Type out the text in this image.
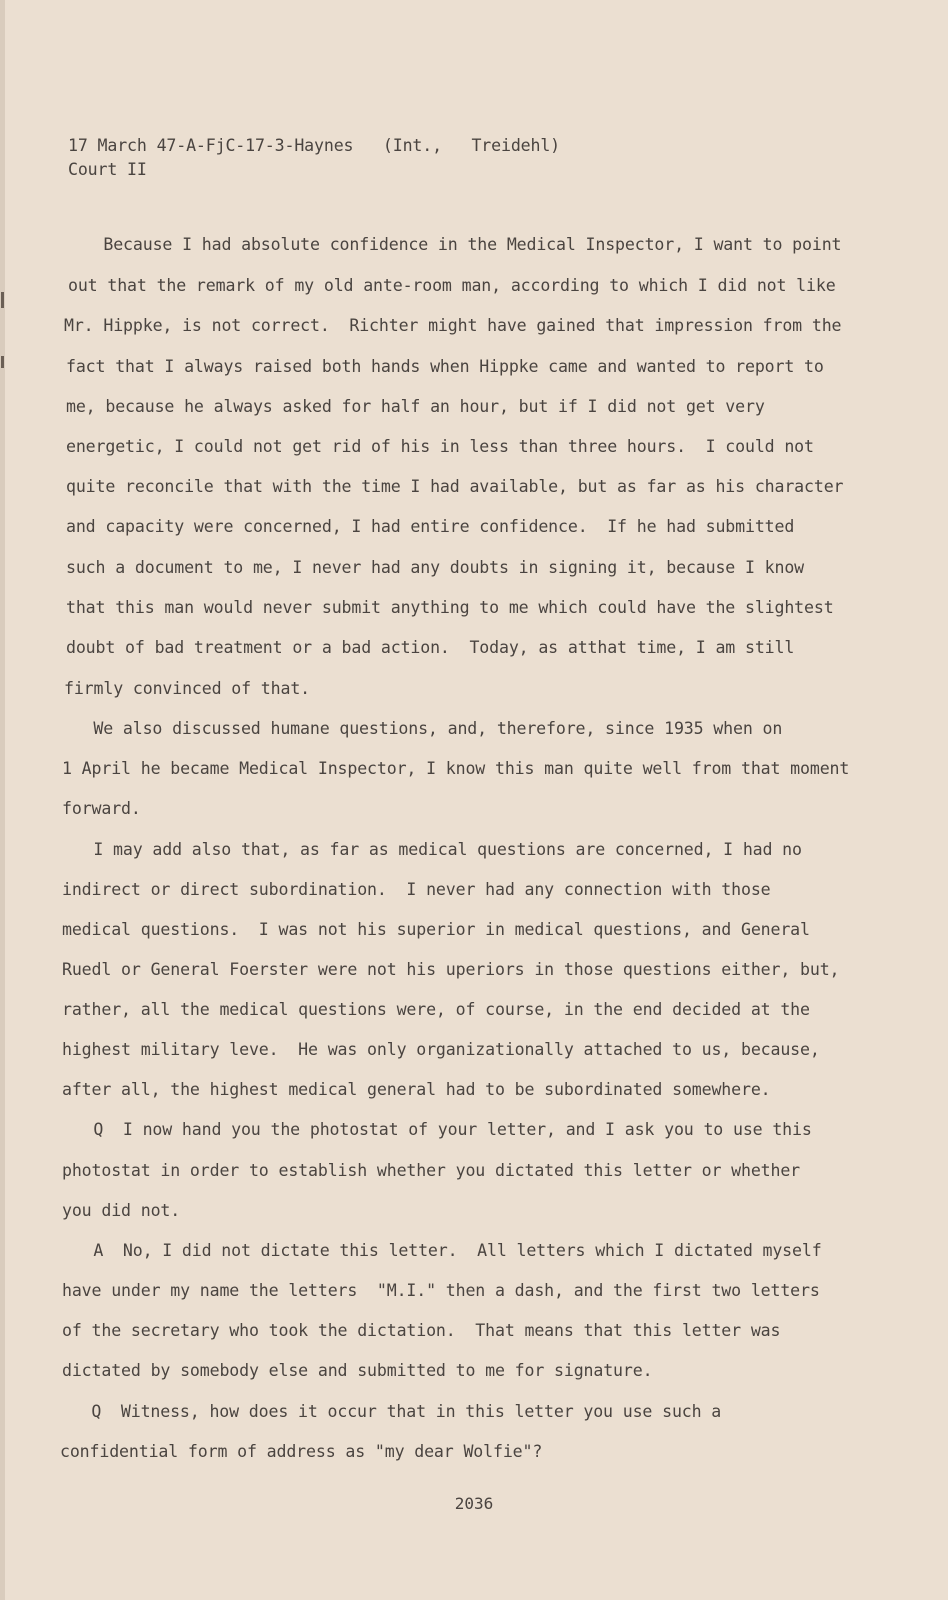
17 March 47-A-FjC-17-3-Haynes   (Int.,   Treidehl)

Court II

Because I had absolute confidence in the Medical Inspector, I want to point

out that the remark of my old ante-room man, according to which I did not like

Mr. Hippke, is not correct.  Richter might have gained that impression from the

fact that I always raised both hands when Hippke came and wanted to report to

me, because he always asked for half an hour, but if I did not get very

energetic, I could not get rid of his in less than three hours.  I could not

quite reconcile that with the time I had available, but as far as his character

and capacity were concerned, I had entire confidence.  If he had submitted

such a document to me, I never had any doubts in signing it, because I know

that this man would never submit anything to me which could have the slightest

doubt of bad treatment or a bad action.  Today, as atthat time, I am still

firmly convinced of that.

We also discussed humane questions, and, therefore, since 1935 when on

1 April he became Medical Inspector, I know this man quite well from that moment

forward.

I may add also that, as far as medical questions are concerned, I had no

indirect or direct subordination.  I never had any connection with those

medical questions.  I was not his superior in medical questions, and General

Ruedl or General Foerster were not his uperiors in those questions either, but,

rather, all the medical questions were, of course, in the end decided at the

highest military leve.  He was only organizationally attached to us, because,

after all, the highest medical general had to be subordinated somewhere.

Q  I now hand you the photostat of your letter, and I ask you to use this

photostat in order to establish whether you dictated this letter or whether

you did not.

A  No, I did not dictate this letter.  All letters which I dictated myself

have under my name the letters  "M.I." then a dash, and the first two letters

of the secretary who took the dictation.  That means that this letter was

dictated by somebody else and submitted to me for signature.

Q  Witness, how does it occur that in this letter you use such a

confidential form of address as "my dear Wolfie"?

2036
